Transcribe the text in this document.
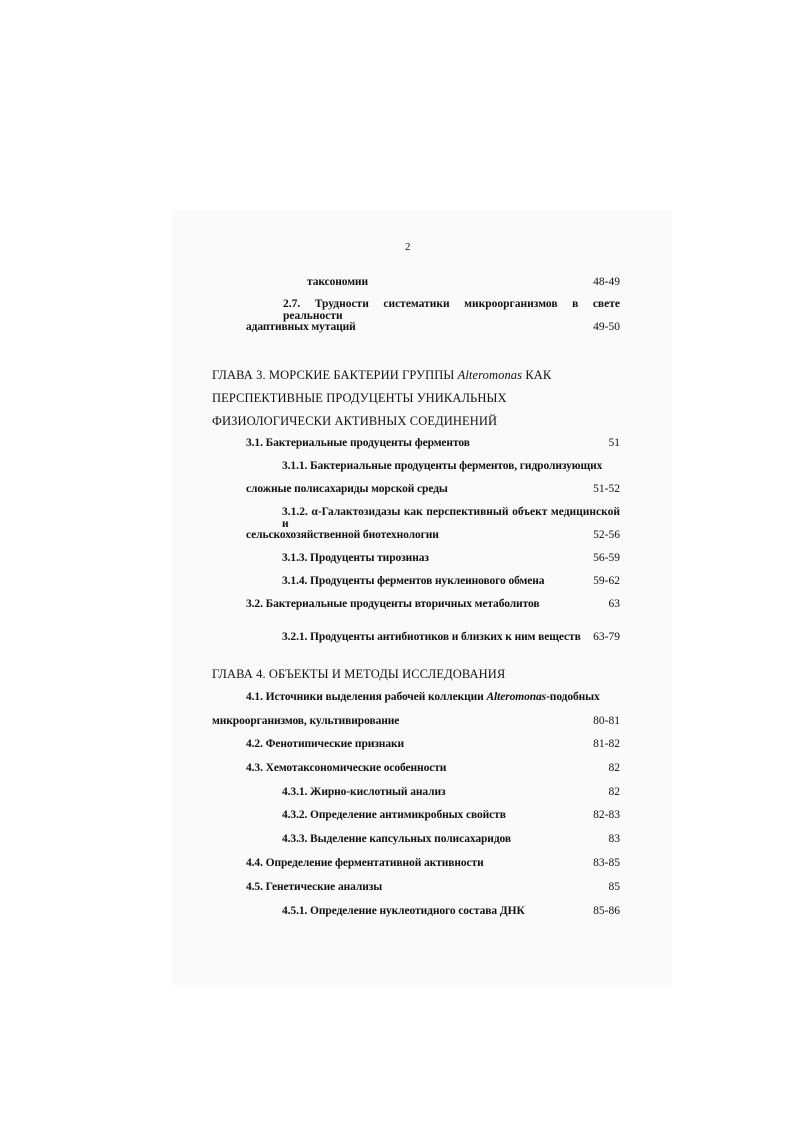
2
таксономии	48-49
2.7. Трудности систематики микроорганизмов в свете реальности
адаптивных мутаций	49-50
ГЛАВА 3. МОРСКИЕ БАКТЕРИИ ГРУППЫ Alteromonas КАК
ПЕРСПЕКТИВНЫЕ ПРОДУЦЕНТЫ УНИКАЛЬНЫХ
ФИЗИОЛОГИЧЕСКИ АКТИВНЫХ СОЕДИНЕНИЙ
3.1. Бактериальные продуценты ферментов	51
3.1.1. Бактериальные продуценты ферментов, гидролизующих
сложные полисахариды морской среды	51-52
3.1.2. α-Галактозидазы как перспективный объект медицинской и
сельскохозяйственной биотехнологии	52-56
3.1.3. Продуценты тирозиназ	56-59
3.1.4. Продуценты ферментов нуклеинового обмена	59-62
3.2. Бактериальные продуценты вторичных метаболитов	63
3.2.1. Продуценты антибиотиков и близких к ним веществ 63-79
ГЛАВА 4. ОБЪЕКТЫ И МЕТОДЫ ИССЛЕДОВАНИЯ
4.1. Источники выделения рабочей коллекции Alteromonas-подобных
микроорганизмов, культивирование	80-81
4.2. Фенотипические признаки	81-82
4.3. Хемотаксономические особенности	82
4.3.1. Жирно-кислотный анализ	82
4.3.2. Определение антимикробных свойств	82-83
4.3.3. Выделение капсульных полисахаридов	83
4.4. Определение ферментативной активности	83-85
4.5. Генетические анализы	85
4.5.1. Определение нуклеотидного состава ДНК	85-86
